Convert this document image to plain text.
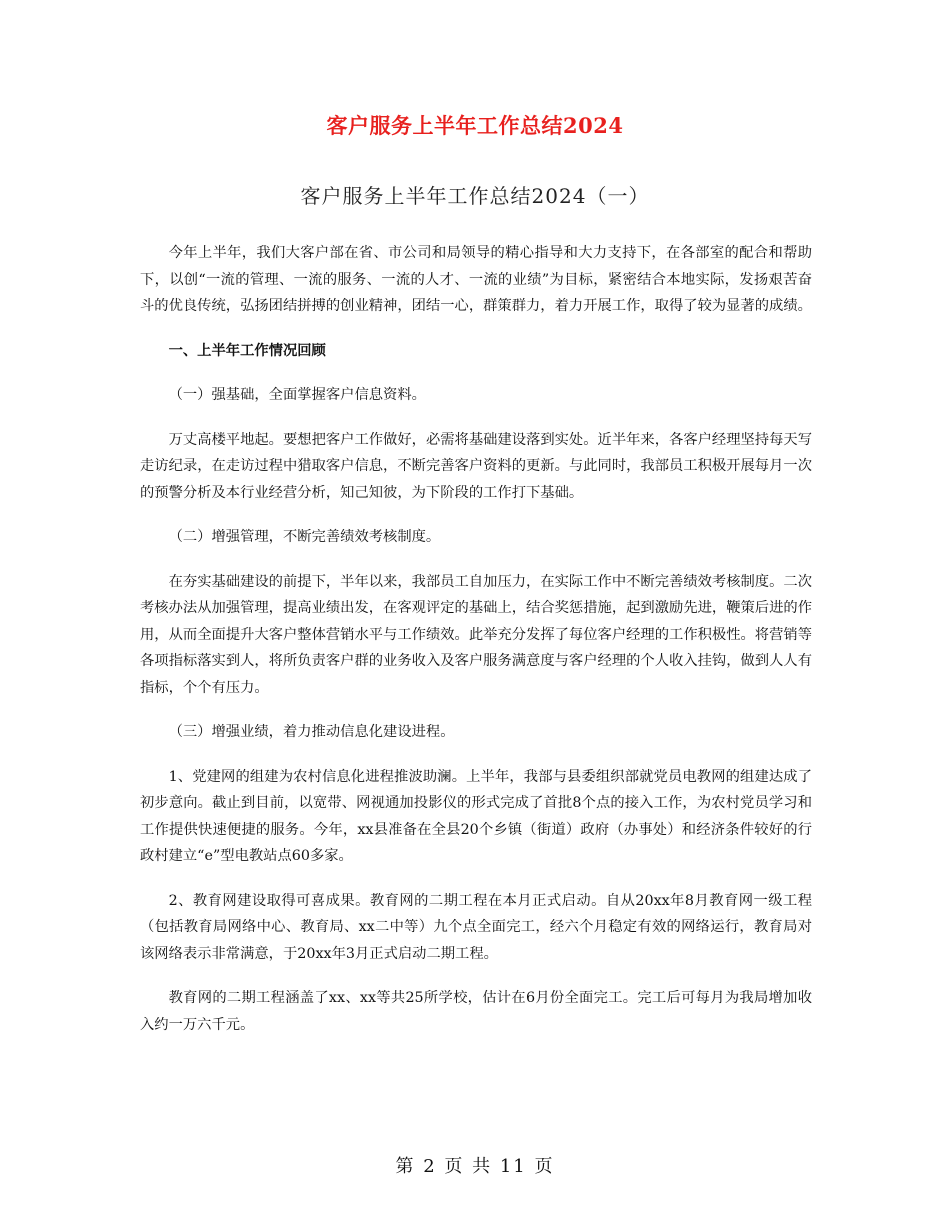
客户服务上半年工作总结2024
客户服务上半年工作总结2024（一）

今年上半年，我们大客户部在省、市公司和局领导的精心指导和大力支持下，在各部室的配合和帮助下，以创“一流的管理、一流的服务、一流的人才、一流的业绩”为目标，紧密结合本地实际，发扬艰苦奋斗的优良传统，弘扬团结拼搏的创业精神，团结一心，群策群力，着力开展工作，取得了较为显著的成绩。

一、上半年工作情况回顾

（一）强基础，全面掌握客户信息资料。

万丈高楼平地起。要想把客户工作做好，必需将基础建设落到实处。近半年来，各客户经理坚持每天写走访纪录，在走访过程中猎取客户信息，不断完善客户资料的更新。与此同时，我部员工积极开展每月一次的预警分析及本行业经营分析，知己知彼，为下阶段的工作打下基础。

（二）增强管理，不断完善绩效考核制度。

在夯实基础建设的前提下，半年以来，我部员工自加压力，在实际工作中不断完善绩效考核制度。二次考核办法从加强管理，提高业绩出发，在客观评定的基础上，结合奖惩措施，起到激励先进，鞭策后进的作用，从而全面提升大客户整体营销水平与工作绩效。此举充分发挥了每位客户经理的工作积极性。将营销等各项指标落实到人，将所负责客户群的业务收入及客户服务满意度与客户经理的个人收入挂钩，做到人人有指标，个个有压力。

（三）增强业绩，着力推动信息化建设进程。

1、党建网的组建为农村信息化进程推波助澜。上半年，我部与县委组织部就党员电教网的组建达成了初步意向。截止到目前，以宽带、网视通加投影仪的形式完成了首批8个点的接入工作，为农村党员学习和工作提供快速便捷的服务。今年，xx县准备在全县20个乡镇（街道）政府（办事处）和经济条件较好的行政村建立“e”型电教站点60多家。

2、教育网建设取得可喜成果。教育网的二期工程在本月正式启动。自从20xx年8月教育网一级工程（包括教育局网络中心、教育局、xx二中等）九个点全面完工，经六个月稳定有效的网络运行，教育局对该网络表示非常满意，于20xx年3月正式启动二期工程。

教育网的二期工程涵盖了xx、xx等共25所学校，估计在6月份全面完工。完工后可每月为我局增加收入约一万六千元。

第 2 页 共 11 页
